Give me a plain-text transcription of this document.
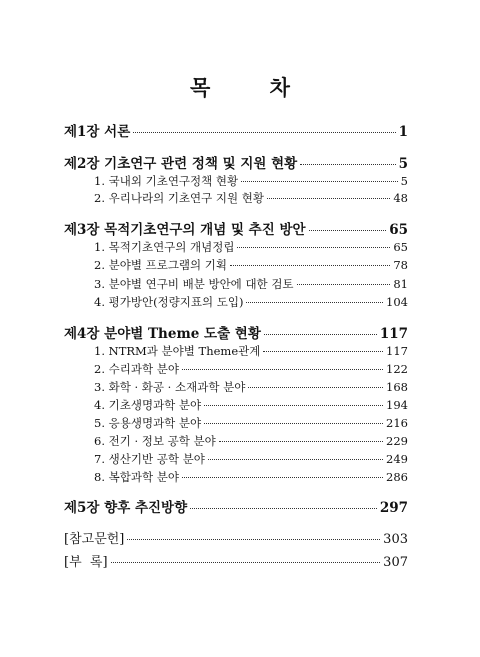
목 차
제1장 서론	1
제2장 기초연구 관련 정책 및 지원 현황	5
1. 국내외 기초연구정책 현황	5
2. 우리나라의 기초연구 지원 현황	48
제3장 목적기초연구의 개념 및 추진 방안	65
1. 목적기초연구의 개념정립	65
2. 분야별 프로그램의 기획	78
3. 분야별 연구비 배분 방안에 대한 검토	81
4. 평가방안(정량지표의 도입)	104
제4장 분야별 Theme 도출 현황	117
1. NTRM과 분야별 Theme관계	117
2. 수리과학 분야	122
3. 화학 · 화공 · 소재과학 분야	168
4. 기초생명과학 분야	194
5. 응용생명과학 분야	216
6. 전기 · 정보 공학 분야	229
7. 생산기반 공학 분야	249
8. 복합과학 분야	286
제5장 향후 추진방향	297
[참고문헌]	303
[부  록]	307
